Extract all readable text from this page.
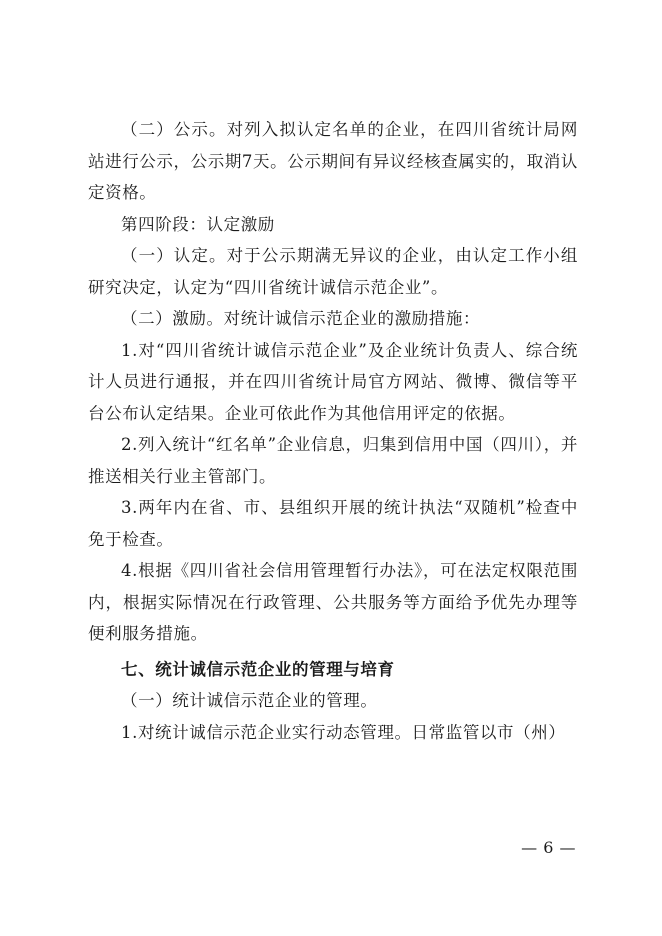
（二）公示。对列入拟认定名单的企业，在四川省统计局网站进行公示，公示期7天。公示期间有异议经核查属实的，取消认定资格。

第四阶段：认定激励

（一）认定。对于公示期满无异议的企业，由认定工作小组研究决定，认定为“四川省统计诚信示范企业”。

（二）激励。对统计诚信示范企业的激励措施：

1.对“四川省统计诚信示范企业”及企业统计负责人、综合统计人员进行通报，并在四川省统计局官方网站、微博、微信等平台公布认定结果。企业可依此作为其他信用评定的依据。

2.列入统计“红名单”企业信息，归集到信用中国（四川），并推送相关行业主管部门。

3.两年内在省、市、县组织开展的统计执法“双随机”检查中免于检查。

4.根据《四川省社会信用管理暂行办法》，可在法定权限范围内，根据实际情况在行政管理、公共服务等方面给予优先办理等便利服务措施。

七、统计诚信示范企业的管理与培育

（一）统计诚信示范企业的管理。

1.对统计诚信示范企业实行动态管理。日常监管以市（州）

— 6 —
